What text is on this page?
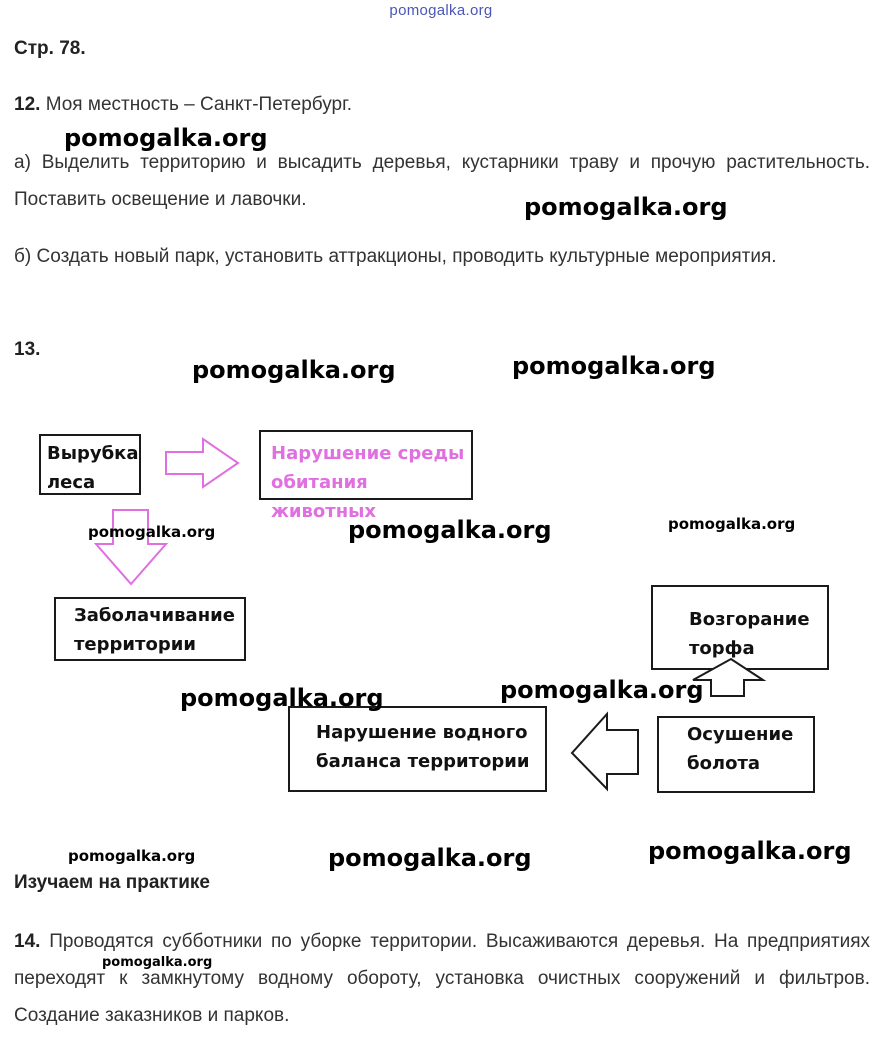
pomogalka.org
Стр. 78.
12. Моя местность – Санкт-Петербург.
а) Выделить территорию и высадить деревья, кустарники траву и прочую растительность. Поставить освещение и лавочки.
б) Создать новый парк, установить аттракционы, проводить культурные мероприятия.
13.
Вырубка леса
Нарушение среды обитания животных
Заболачивание территории
Возгорание торфа
Нарушение водного баланса территории
Осушение болота
Изучаем на практике
14. Проводятся субботники по уборке территории. Высаживаются деревья. На предприятиях переходят к замкнутому водному обороту, установка очистных сооружений и фильтров. Создание заказников и парков.
pomogalka.org
pomogalka.org
pomogalka.org	pomogalka.org
pomogalka.org	pomogalka.org	pomogalka.org
pomogalka.org	pomogalka.org
pomogalka.org	pomogalka.org	pomogalka.org
pomogalka.org
